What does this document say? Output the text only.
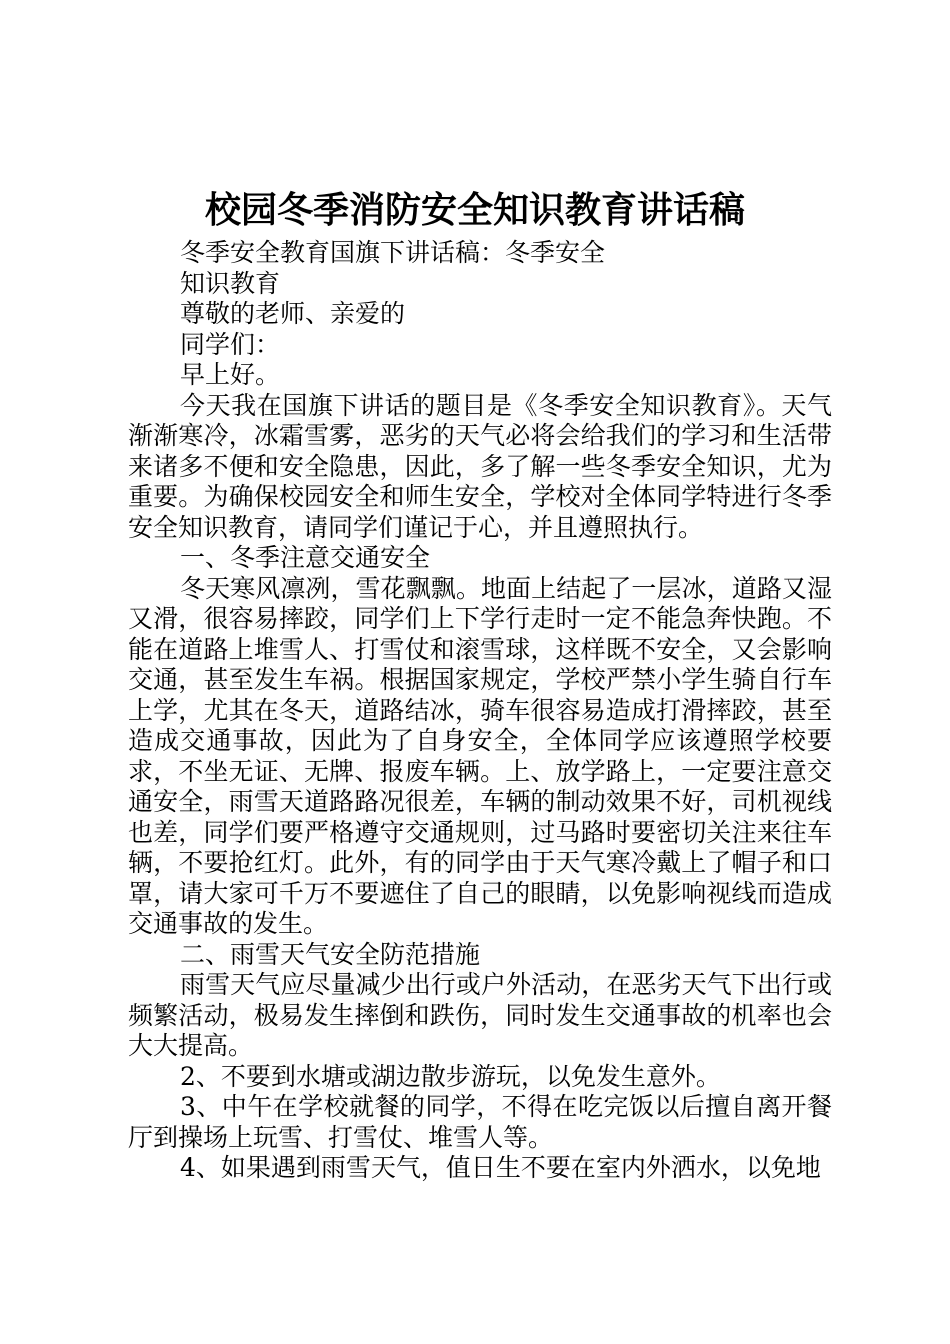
校园冬季消防安全知识教育讲话稿

冬季安全教育国旗下讲话稿：冬季安全

知识教育

尊敬的老师、亲爱的

同学们：

早上好。

今天我在国旗下讲话的题目是《冬季安全知识教育》。天气渐渐寒冷，冰霜雪雾，恶劣的天气必将会给我们的学习和生活带来诸多不便和安全隐患，因此，多了解一些冬季安全知识，尤为重要。为确保校园安全和师生安全，学校对全体同学特进行冬季安全知识教育，请同学们谨记于心，并且遵照执行。

一、冬季注意交通安全

冬天寒风凛冽，雪花飘飘。地面上结起了一层冰，道路又湿又滑，很容易摔跤，同学们上下学行走时一定不能急奔快跑。不能在道路上堆雪人、打雪仗和滚雪球，这样既不安全，又会影响交通，甚至发生车祸。根据国家规定，学校严禁小学生骑自行车上学，尤其在冬天，道路结冰，骑车很容易造成打滑摔跤，甚至造成交通事故，因此为了自身安全，全体同学应该遵照学校要求，不坐无证、无牌、报废车辆。上、放学路上，一定要注意交通安全，雨雪天道路路况很差，车辆的制动效果不好，司机视线也差，同学们要严格遵守交通规则，过马路时要密切关注来往车辆，不要抢红灯。此外，有的同学由于天气寒冷戴上了帽子和口罩，请大家可千万不要遮住了自己的眼睛，以免影响视线而造成交通事故的发生。

二、雨雪天气安全防范措施

雨雪天气应尽量减少出行或户外活动，在恶劣天气下出行或频繁活动，极易发生摔倒和跌伤，同时发生交通事故的机率也会大大提高。

2、不要到水塘或湖边散步游玩，以免发生意外。

3、中午在学校就餐的同学，不得在吃完饭以后擅自离开餐厅到操场上玩雪、打雪仗、堆雪人等。

4、如果遇到雨雪天气，值日生不要在室内外洒水，以免地
